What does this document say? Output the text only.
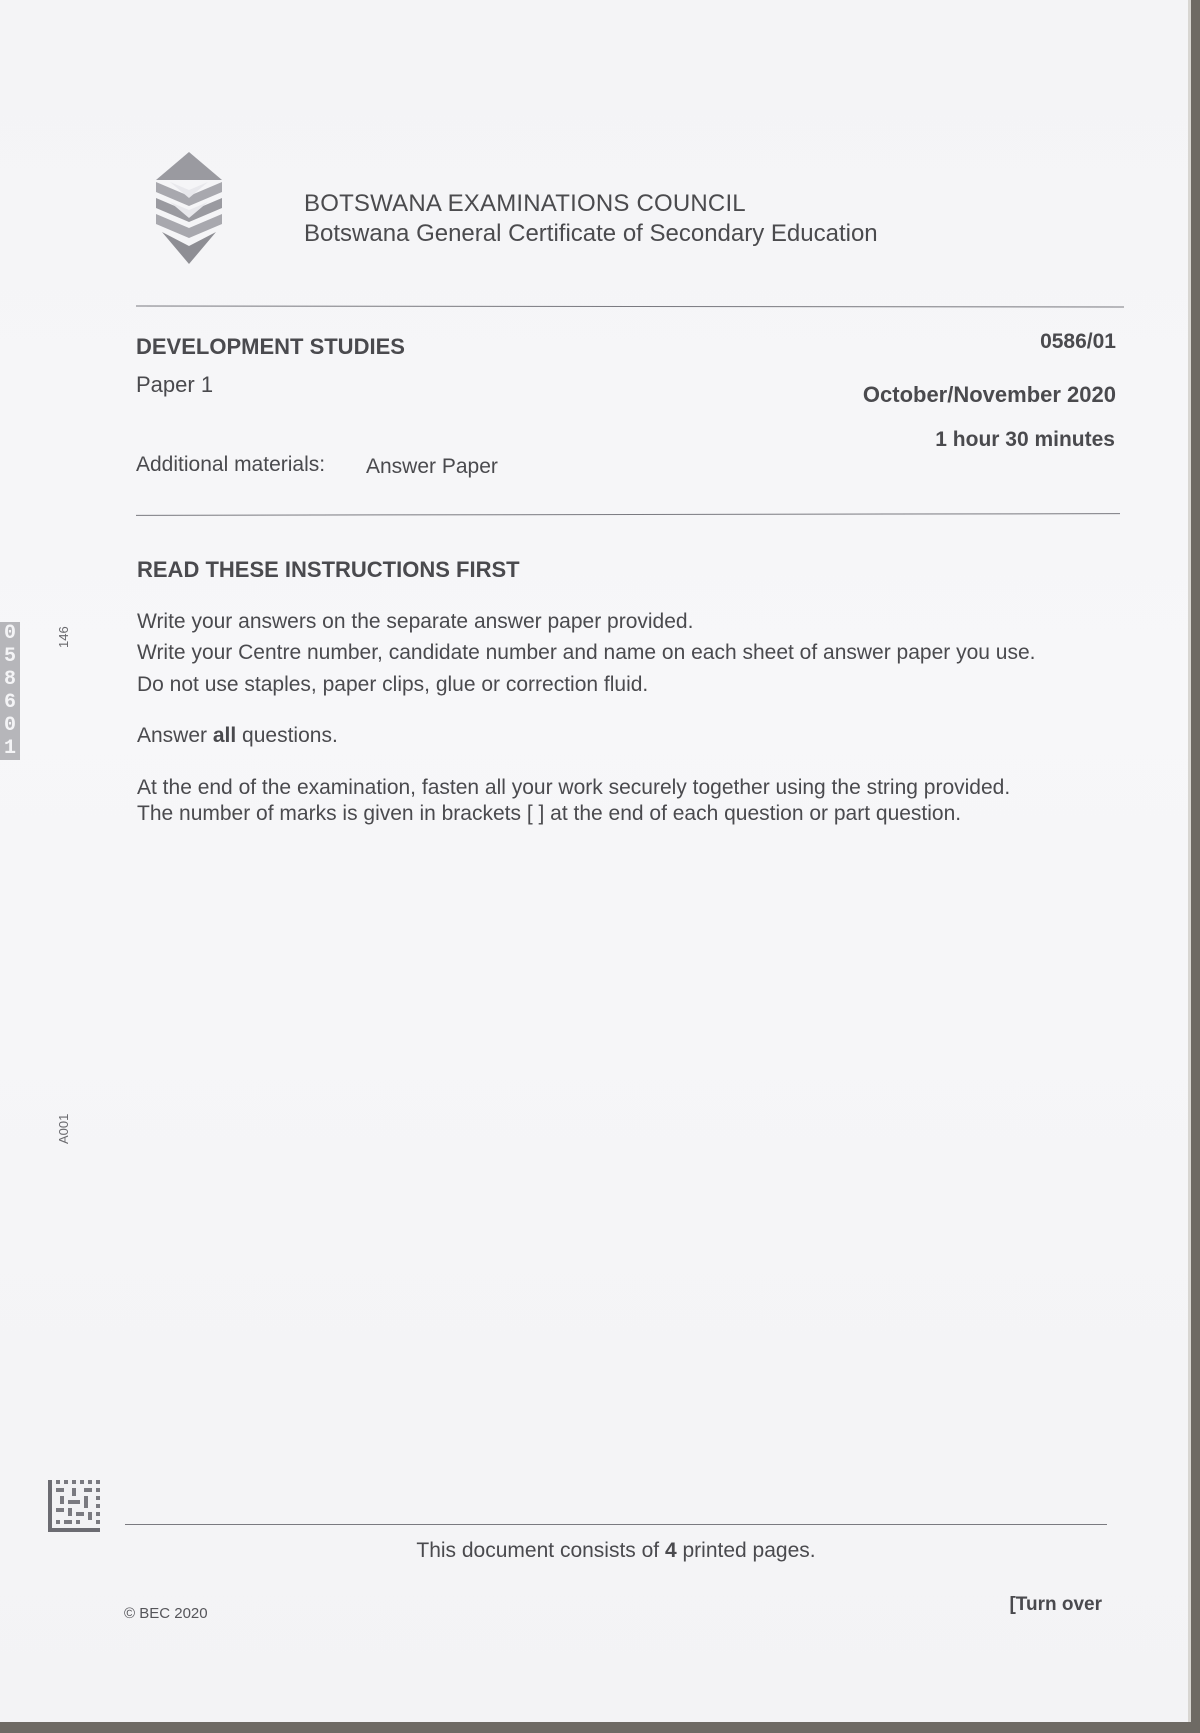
BOTSWANA EXAMINATIONS COUNCIL
Botswana General Certificate of Secondary Education
DEVELOPMENT STUDIES	0586/01
Paper 1	October/November 2020
1 hour 30 minutes
Additional materials: Answer Paper
READ THESE INSTRUCTIONS FIRST
Write your answers on the separate answer paper provided.
Write your Centre number, candidate number and name on each sheet of answer paper you use.
Do not use staples, paper clips, glue or correction fluid.
Answer all questions.
At the end of the examination, fasten all your work securely together using the string provided.
The number of marks is given in brackets [ ] at the end of each question or part question.
0
5
8
6
0
1
146
A001
This document consists of 4 printed pages.
© BEC 2020	[Turn over
